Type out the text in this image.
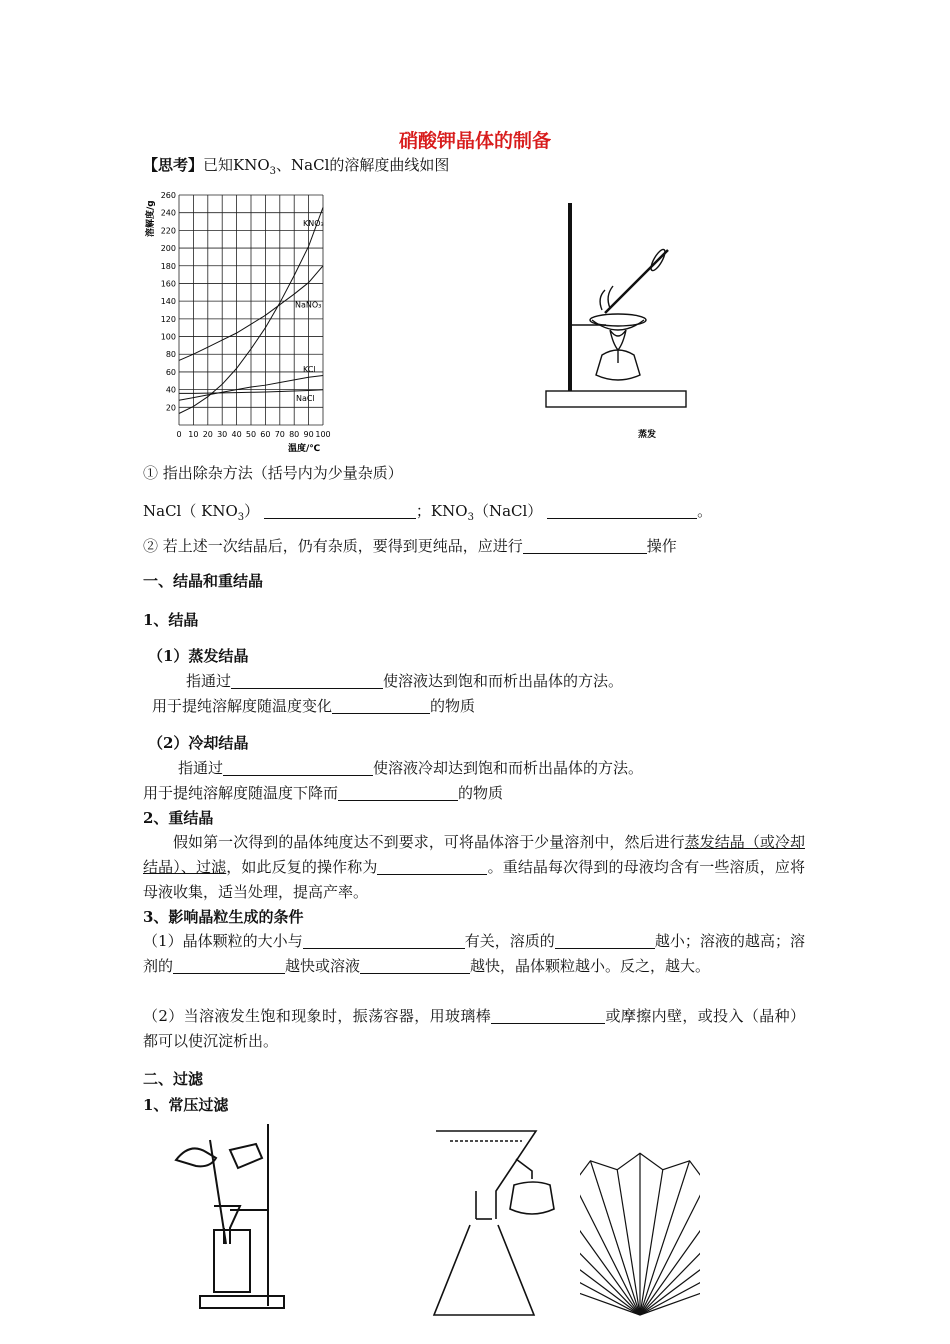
硝酸钾晶体的制备
【思考】已知$KNO_3$、NaCl的溶解度曲线如图
KNO₃
NaNO₃
KCl
NaCl
0 10 20 30 40 50 60 70 80 90 100
20
40
60
80
100
120
140
160
180
200
220
240
260
溶解度/g
温度/℃
蒸发
① 指出除杂方法（括号内为少量杂质）
NaCl（ $KNO_3$）	；$KNO_3(NaCl)$	。
② 若上述一次结晶后，仍有杂质，要得到更纯品，应进行	操作
一、结晶和重结晶
1、结晶
（1）蒸发结晶
指通过	使溶液达到饱和而析出晶体的方法。
用于提纯溶解度随温度变化	的物质
（2）冷却结晶
指通过	使溶液冷却达到饱和而析出晶体的方法。
用于提纯溶解度随温度下降而	的物质
2、重结晶
假如第一次得到的晶体纯度达不到要求，可将晶体溶于少量溶剂中，然后进行蒸发结晶（或冷却结晶）、过滤，如此反复的操作称为	。重结晶每次得到的母液均含有一些溶质，应将母液收集，适当处理，提高产率。
3、影响晶粒生成的条件
（1）晶体颗粒的大小与	有关，溶质的	越小；溶液的越高；溶剂的	越快或溶液	越快，晶体颗粒越小。反之，越大。
（2）当溶液发生饱和现象时，振荡容器，用玻璃棒	或摩擦内壁，或投入（晶种）都可以使沉淀析出。
二、过滤
1、常压过滤
